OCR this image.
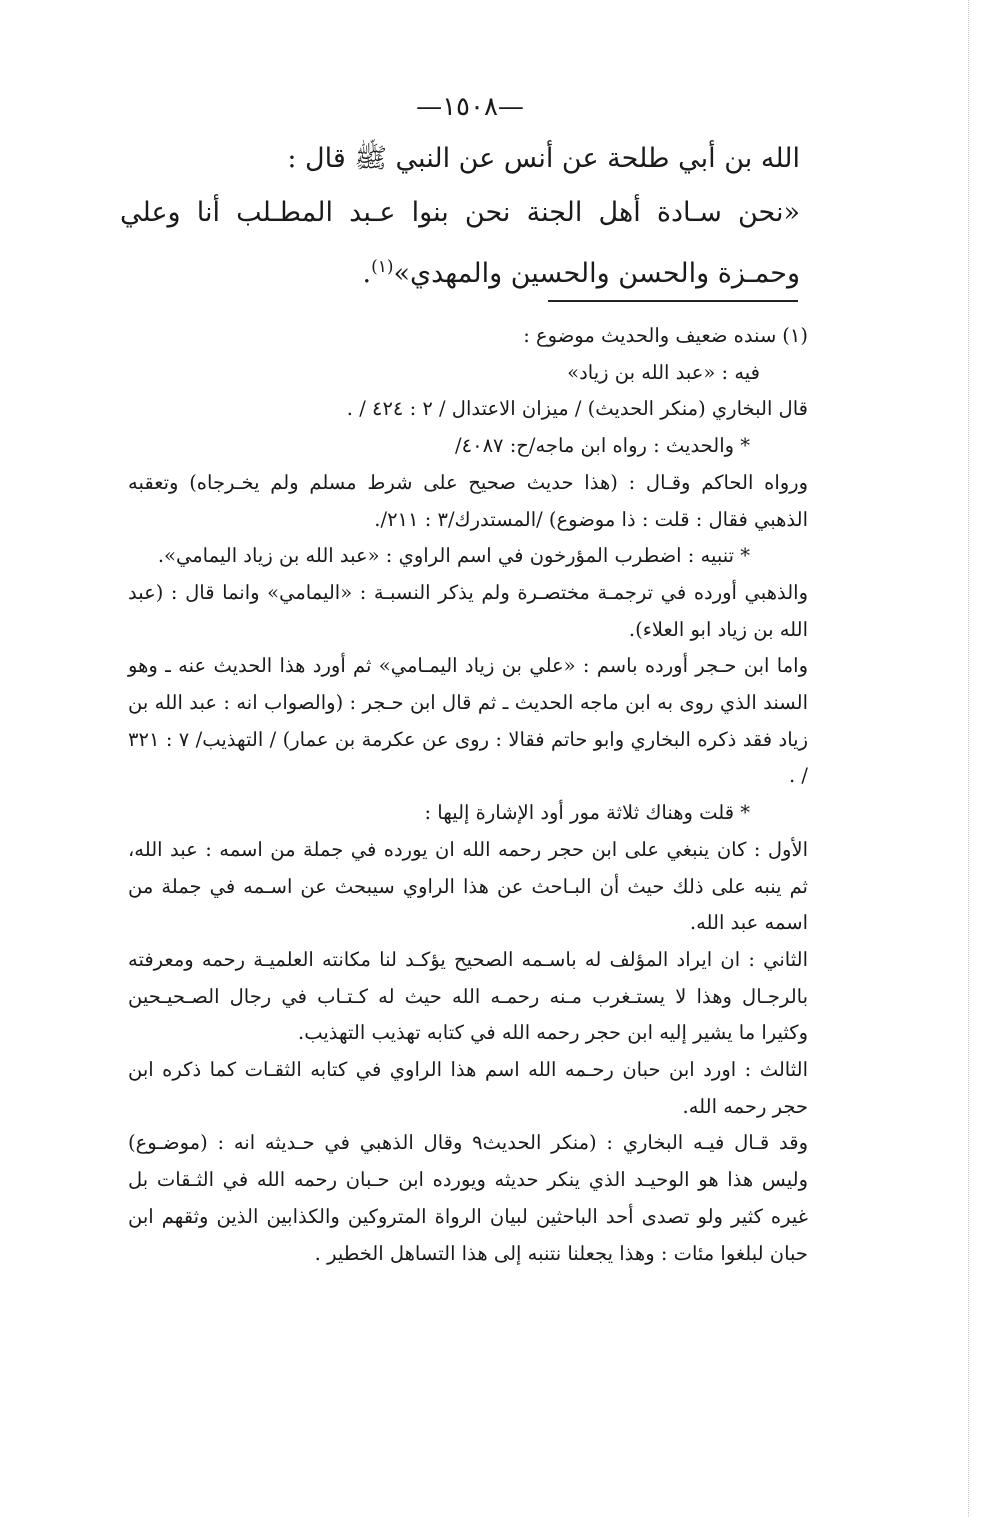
—١٥٠٨—

الله بن أبي طلحة عن أنس عن النبي ﷺ قال :

«نحن سـادة أهل الجنة نحن بنوا عـبد المطـلب أنا وعلي وحمـزة والحسن والحسين والمهدي»$^{(١)}$.

(١)سنده ضعيف والحديث موضوع :

فيه : «عبد الله بن زياد»

قال البخاري (منكر الحديث) / ميزان الاعتدال / ٢ : ٤٢٤ / .

* والحديث : رواه ابن ماجه/ح: ٤٠٨٧/

ورواه الحاكم وقـال : (هذا حديث صحيح على شرط مسلم ولم يخـرجاه) وتعقبه الذهبي فقال : قلت : ذا موضوع) /المستدرك/٣ : ٢١١/.

* تنبيه : اضطرب المؤرخون في اسم الراوي : «عبد الله بن زياد اليمامي».

والذهبي أورده في ترجمـة مختصـرة ولم يذكر النسبـة : «اليمامي» وانما قال : (عبد الله بن زياد ابو العلاء).

واما ابن حـجر أورده باسم : «علي بن زياد اليمـامي» ثم أورد هذا الحديث عنه ـ وهو السند الذي روى به ابن ماجه الحديث ـ ثم قال ابن حـجر : (والصواب انه : عبد الله بن زياد فقد ذكره البخاري وابو حاتم فقالا : روى عن عكرمة بن عمار) / التهذيب/ ٧ : ٣٢١ / .

* قلت وهناك ثلاثة مور أود الإشارة إليها :

الأول : كان ينبغي على ابن حجر رحمه الله ان يورده في جملة من اسمه : عبد الله، ثم ينبه على ذلك حيث أن البـاحث عن هذا الراوي سيبحث عن اسـمه في جملة من اسمه عبد الله.

الثاني : ان ايراد المؤلف له باسـمه الصحيح يؤكـد لنا مكانته العلميـة رحمه ومعرفته بالرجـال وهذا لا يستـغرب مـنه رحمـه الله حيث له كـتـاب في رجال الصـحيـحين وكثيرا ما يشير إليه ابن حجر رحمه الله في كتابه تهذيب التهذيب.

الثالث : اورد ابن حبان رحـمه الله اسم هذا الراوي في كتابه الثقـات كما ذكره ابن حجر رحمه الله.

وقد قـال فيـه البخاري : (منكر الحديث٩ وقال الذهبي في حـديثه انه : (موضـوع) وليس هذا هو الوحيـد الذي ينكر حديثه ويورده ابن حـبان رحمه الله في الثـقات بل غيره كثير ولو تصدى أحد الباحثين لبيان الرواة المتروكين والكذابين الذين وثقهم ابن حبان لبلغوا مئات : وهذا يجعلنا نتنبه إلى هذا التساهل الخطير .
